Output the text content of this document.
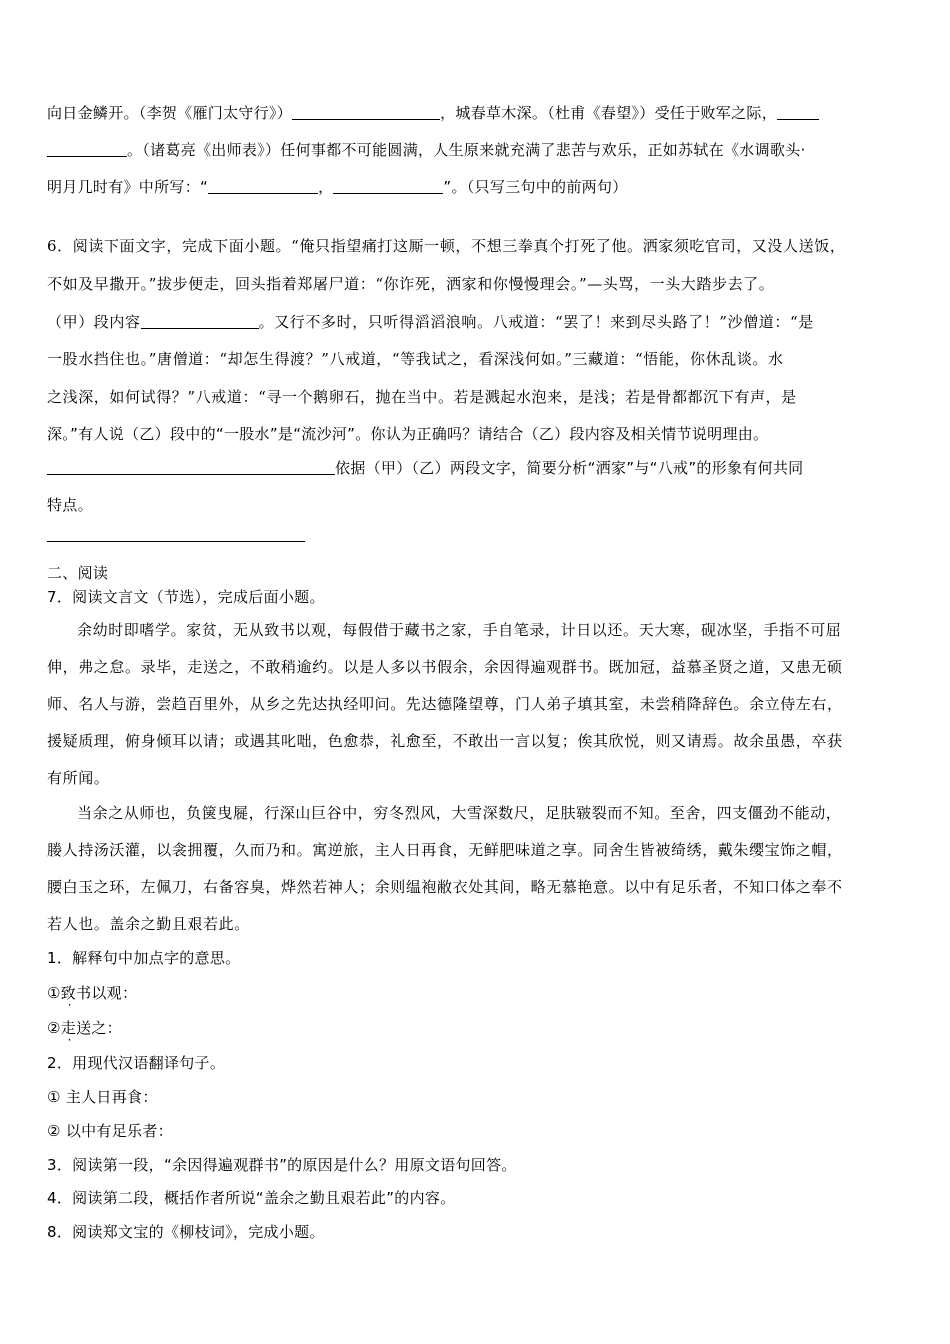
向日金鳞开。（李贺《雁门太守行》）	，城春草木深。（杜甫《春望》）受任于败军之际，
。（诸葛亮《出师表》）任何事都不可能圆满，人生原来就充满了悲苦与欢乐，正如苏轼在《水调歌头·
明月几时有》中所写：“	，	”。（只写三句中的前两句）
6．阅读下面文字，完成下面小题。“俺只指望痛打这厮一顿，不想三拳真个打死了他。洒家须吃官司，又没人送饭，
不如及早撒开。”拔步便走，回头指着郑屠尸道：“你诈死，洒家和你慢慢理会。”—头骂，一头大踏步去了。
（甲）段内容	。又行不多时，只听得滔滔浪响。八戒道：“罢了！来到尽头路了！”沙僧道：“是
一股水挡住也。”唐僧道：“却怎生得渡？”八戒道，“等我试之，看深浅何如。”三藏道：“悟能，你休乱谈。水
之浅深，如何试得？”八戒道：“寻一个鹅卵石，抛在当中。若是溅起水泡来，是浅；若是骨都都沉下有声，是
深。”有人说（乙）段中的“一股水”是“流沙河”。你认为正确吗？请结合（乙）段内容及相关情节说明理由。
依据（甲）（乙）两段文字，简要分析“洒家”与“八戒”的形象有何共同
特点。
二、阅读
7．阅读文言文（节选），完成后面小题。
余幼时即嗜学。家贫，无从致书以观，每假借于藏书之家，手自笔录，计日以还。天大寒，砚冰坚，手指不可屈
伸，弗之怠。录毕，走送之，不敢稍逾约。以是人多以书假余，余因得遍观群书。既加冠，益慕圣贤之道，又患无硕
师、名人与游，尝趋百里外，从乡之先达执经叩问。先达德隆望尊，门人弟子填其室，未尝稍降辞色。余立侍左右，
援疑质理，俯身倾耳以请；或遇其叱咄，色愈恭，礼愈至，不敢出一言以复；俟其欣悦，则又请焉。故余虽愚，卒获
有所闻。
当余之从师也，负箧曳屣，行深山巨谷中，穷冬烈风，大雪深数尺，足肤皲裂而不知。至舍，四支僵劲不能动，
媵人持汤沃灌，以衾拥覆，久而乃和。寓逆旅，主人日再食，无鲜肥味道之享。同舍生皆被绮绣，戴朱缨宝饰之帽，
腰白玉之环，左佩刀，右备容臭，烨然若神人；余则缊袍敝衣处其间，略无慕艳意。以中有足乐者，不知口体之奉不
若人也。盖余之勤且艰若此。
1．解释句中加点字的意思。
①致书以观：
②走送之：
2．用现代汉语翻译句子。
① 主人日再食：
② 以中有足乐者：
3．阅读第一段，“余因得遍观群书”的原因是什么？用原文语句回答。
4．阅读第二段，概括作者所说“盖余之勤且艰若此”的内容。
8．阅读郑文宝的《柳枝词》，完成小题。
